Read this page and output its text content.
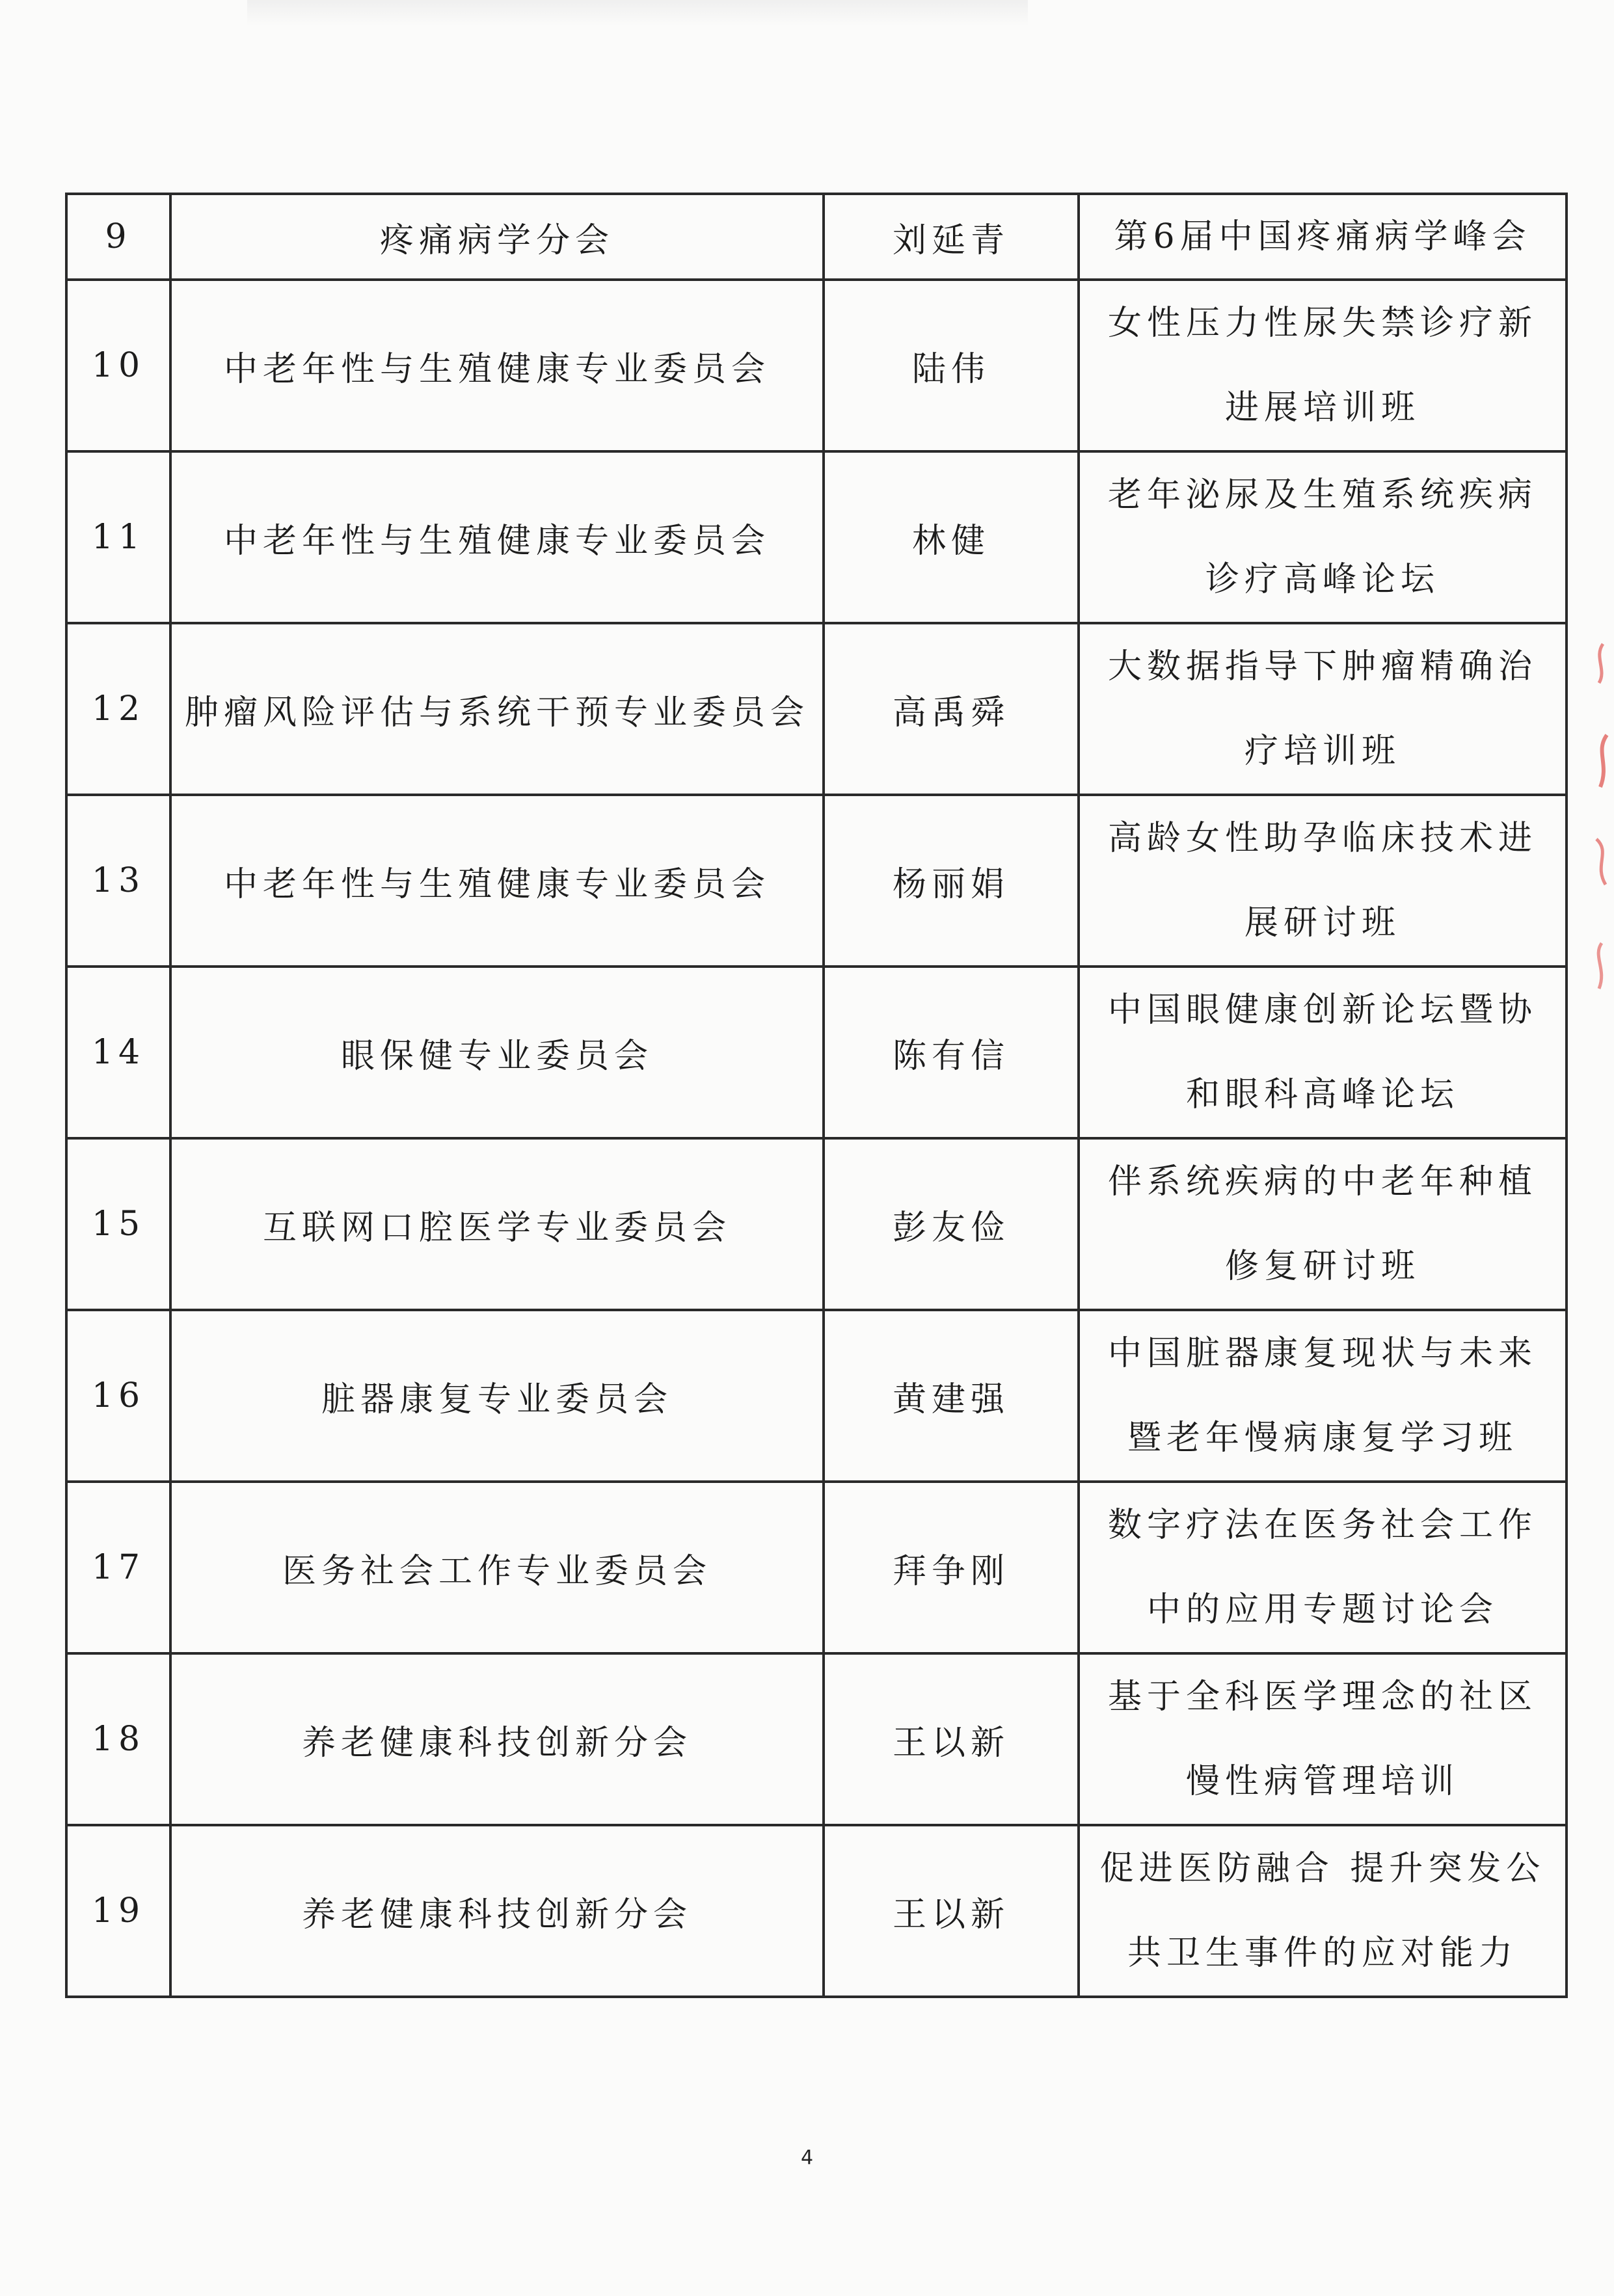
9	疼痛病学分会	刘延青	第6届中国疼痛病学峰会
10	中老年性与生殖健康专业委员会	陆伟	女性压力性尿失禁诊疗新进展培训班
11	中老年性与生殖健康专业委员会	林健	老年泌尿及生殖系统疾病诊疗高峰论坛
12	肿瘤风险评估与系统干预专业委员会	高禹舜	大数据指导下肿瘤精确治疗培训班
13	中老年性与生殖健康专业委员会	杨丽娟	高龄女性助孕临床技术进展研讨班
14	眼保健专业委员会	陈有信	中国眼健康创新论坛暨协和眼科高峰论坛
15	互联网口腔医学专业委员会	彭友俭	伴系统疾病的中老年种植修复研讨班
16	脏器康复专业委员会	黄建强	中国脏器康复现状与未来暨老年慢病康复学习班
17	医务社会工作专业委员会	拜争刚	数字疗法在医务社会工作中的应用专题讨论会
18	养老健康科技创新分会	王以新	基于全科医学理念的社区慢性病管理培训
19	养老健康科技创新分会	王以新	促进医防融合 提升突发公共卫生事件的应对能力
4
